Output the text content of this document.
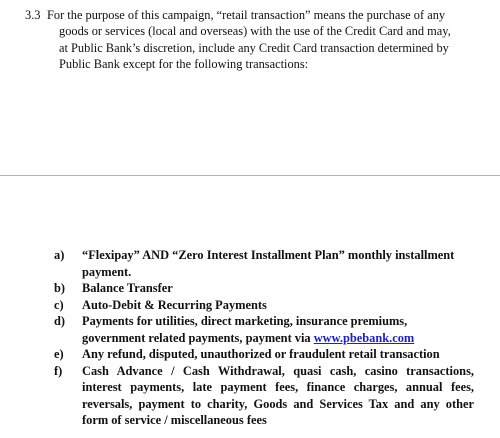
3.3 For the purpose of this campaign, “retail transaction” means the purchase of any
goods or services (local and overseas) with the use of the Credit Card and may,
at Public Bank’s discretion, include any Credit Card transaction determined by
Public Bank except for the following transactions:
a) “Flexipay” AND “Zero Interest Installment Plan” monthly installment
payment.
b) Balance Transfer
c) Auto-Debit & Recurring Payments
d) Payments for utilities, direct marketing, insurance premiums,
government related payments, payment via www.pbebank.com
e) Any refund, disputed, unauthorized or fraudulent retail transaction
f) Cash Advance / Cash Withdrawal, quasi cash, casino transactions,
interest payments, late payment fees, finance charges, annual fees,
reversals, payment to charity, Goods and Services Tax and any other
form of service / miscellaneous fees
